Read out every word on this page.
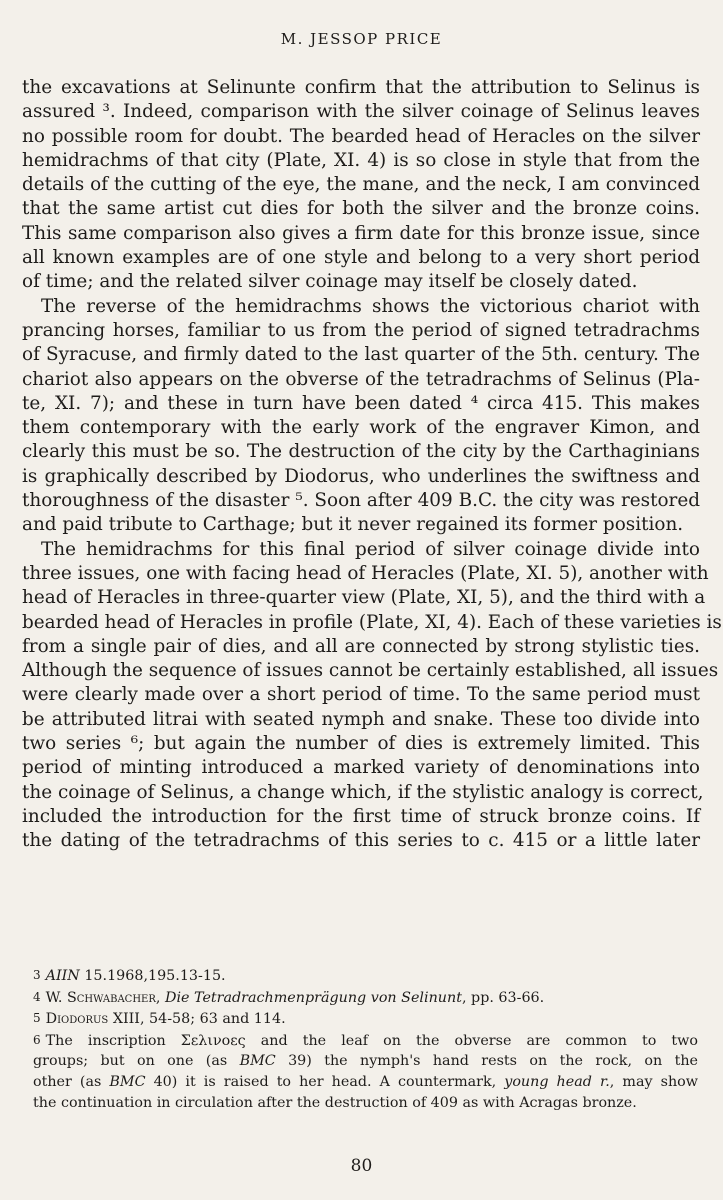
M. JESSOP PRICE
the excavations at Selinunte confirm that the attribution to Selinus is
assured ³. Indeed, comparison with the silver coinage of Selinus leaves
no possible room for doubt. The bearded head of Heracles on the silver
hemidrachms of that city (Plate, XI. 4) is so close in style that from the
details of the cutting of the eye, the mane, and the neck, I am convinced
that the same artist cut dies for both the silver and the bronze coins.
This same comparison also gives a firm date for this bronze issue, since
all known examples are of one style and belong to a very short period
of time; and the related silver coinage may itself be closely dated.
The reverse of the hemidrachms shows the victorious chariot with
prancing horses, familiar to us from the period of signed tetradrachms
of Syracuse, and firmly dated to the last quarter of the 5th. century. The
chariot also appears on the obverse of the tetradrachms of Selinus (Pla-
te, XI. 7); and these in turn have been dated ⁴ circa 415. This makes
them contemporary with the early work of the engraver Kimon, and
clearly this must be so. The destruction of the city by the Carthaginians
is graphically described by Diodorus, who underlines the swiftness and
thoroughness of the disaster ⁵. Soon after 409 B.C. the city was restored
and paid tribute to Carthage; but it never regained its former position.
The hemidrachms for this final period of silver coinage divide into
three issues, one with facing head of Heracles (Plate, XI. 5), another with
head of Heracles in three-quarter view (Plate, XI, 5), and the third with a
bearded head of Heracles in profile (Plate, XI, 4). Each of these varieties is
from a single pair of dies, and all are connected by strong stylistic ties.
Although the sequence of issues cannot be certainly established, all issues
were clearly made over a short period of time. To the same period must
be attributed litrai with seated nymph and snake. These too divide into
two series ⁶; but again the number of dies is extremely limited. This
period of minting introduced a marked variety of denominations into
the coinage of Selinus, a change which, if the stylistic analogy is correct,
included the introduction for the first time of struck bronze coins. If
the dating of the tetradrachms of this series to c. 415 or a little later
3 AIIN 15.1968,195.13-15.
4 W. Schwabacher, Die Tetradrachmenprägung von Selinunt, pp. 63-66.
5 Diodorus XIII, 54-58; 63 and 114.
6 The inscription Σελινοες and the leaf on the obverse are common to two
groups; but on one (as BMC 39) the nymph's hand rests on the rock, on the
other (as BMC 40) it is raised to her head. A countermark, young head r., may show
the continuation in circulation after the destruction of 409 as with Acragas bronze.
80
